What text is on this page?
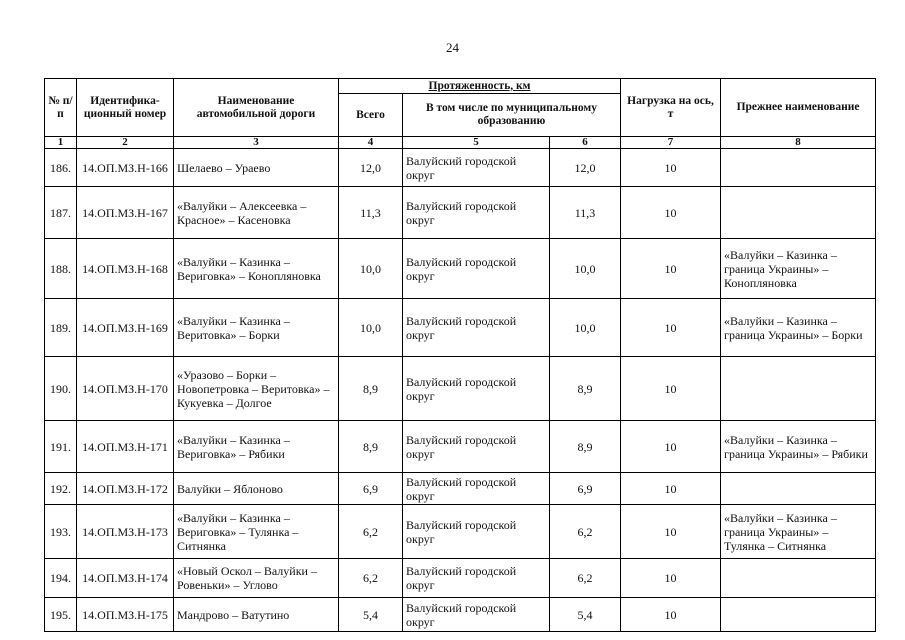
24
№ п/п	Идентифика-ционный номер	Наименование автомобильной дороги	Протяженность, км			Нагрузка на ось, т	Прежнее наименование
			Всего	В том числе по муниципальному образованию			
1	2	3	4	5	6	7	8
186.	14.ОП.МЗ.Н-166	Шелаево – Ураево	12,0	Валуйский городской округ	12,0	10	
187.	14.ОП.МЗ.Н-167	«Валуйки – Алексеевка – Красное» – Касеновка	11,3	Валуйский городской округ	11,3	10	
188.	14.ОП.МЗ.Н-168	«Валуйки – Казинка – Вериговка» – Конопляновка	10,0	Валуйский городской округ	10,0	10	«Валуйки – Казинка – граница Украины» – Конопляновка
189.	14.ОП.МЗ.Н-169	«Валуйки – Казинка – Веритовка» – Борки	10,0	Валуйский городской округ	10,0	10	«Валуйки – Казинка – граница Украины» – Борки
190.	14.ОП.МЗ.Н-170	«Уразово – Борки – Новопетровка – Веритовка» – Кукуевка – Долгое	8,9	Валуйский городской округ	8,9	10	
191.	14.ОП.МЗ.Н-171	«Валуйки – Казинка – Веригoвка» – Рябики	8,9	Валуйский городской округ	8,9	10	«Валуйки – Казинка – граница Украины» – Рябики
192.	14.ОП.МЗ.Н-172	Валуйки – Яблоново	6,9	Валуйский городской округ	6,9	10	
193.	14.ОП.МЗ.Н-173	«Валуйки – Казинка – Веригoвка» – Тулянка – Ситнянка	6,2	Валуйский городской округ	6,2	10	«Валуйки – Казинка – граница Украины» – Тулянка – Ситнянка
194.	14.ОП.МЗ.Н-174	«Новый Оскол – Валуйки – Ровеньки» – Углово	6,2	Валуйский городской округ	6,2	10	
195.	14.ОП.МЗ.Н-175	Мандрово – Ватутино	5,4	Валуйский городской округ	5,4	10	
